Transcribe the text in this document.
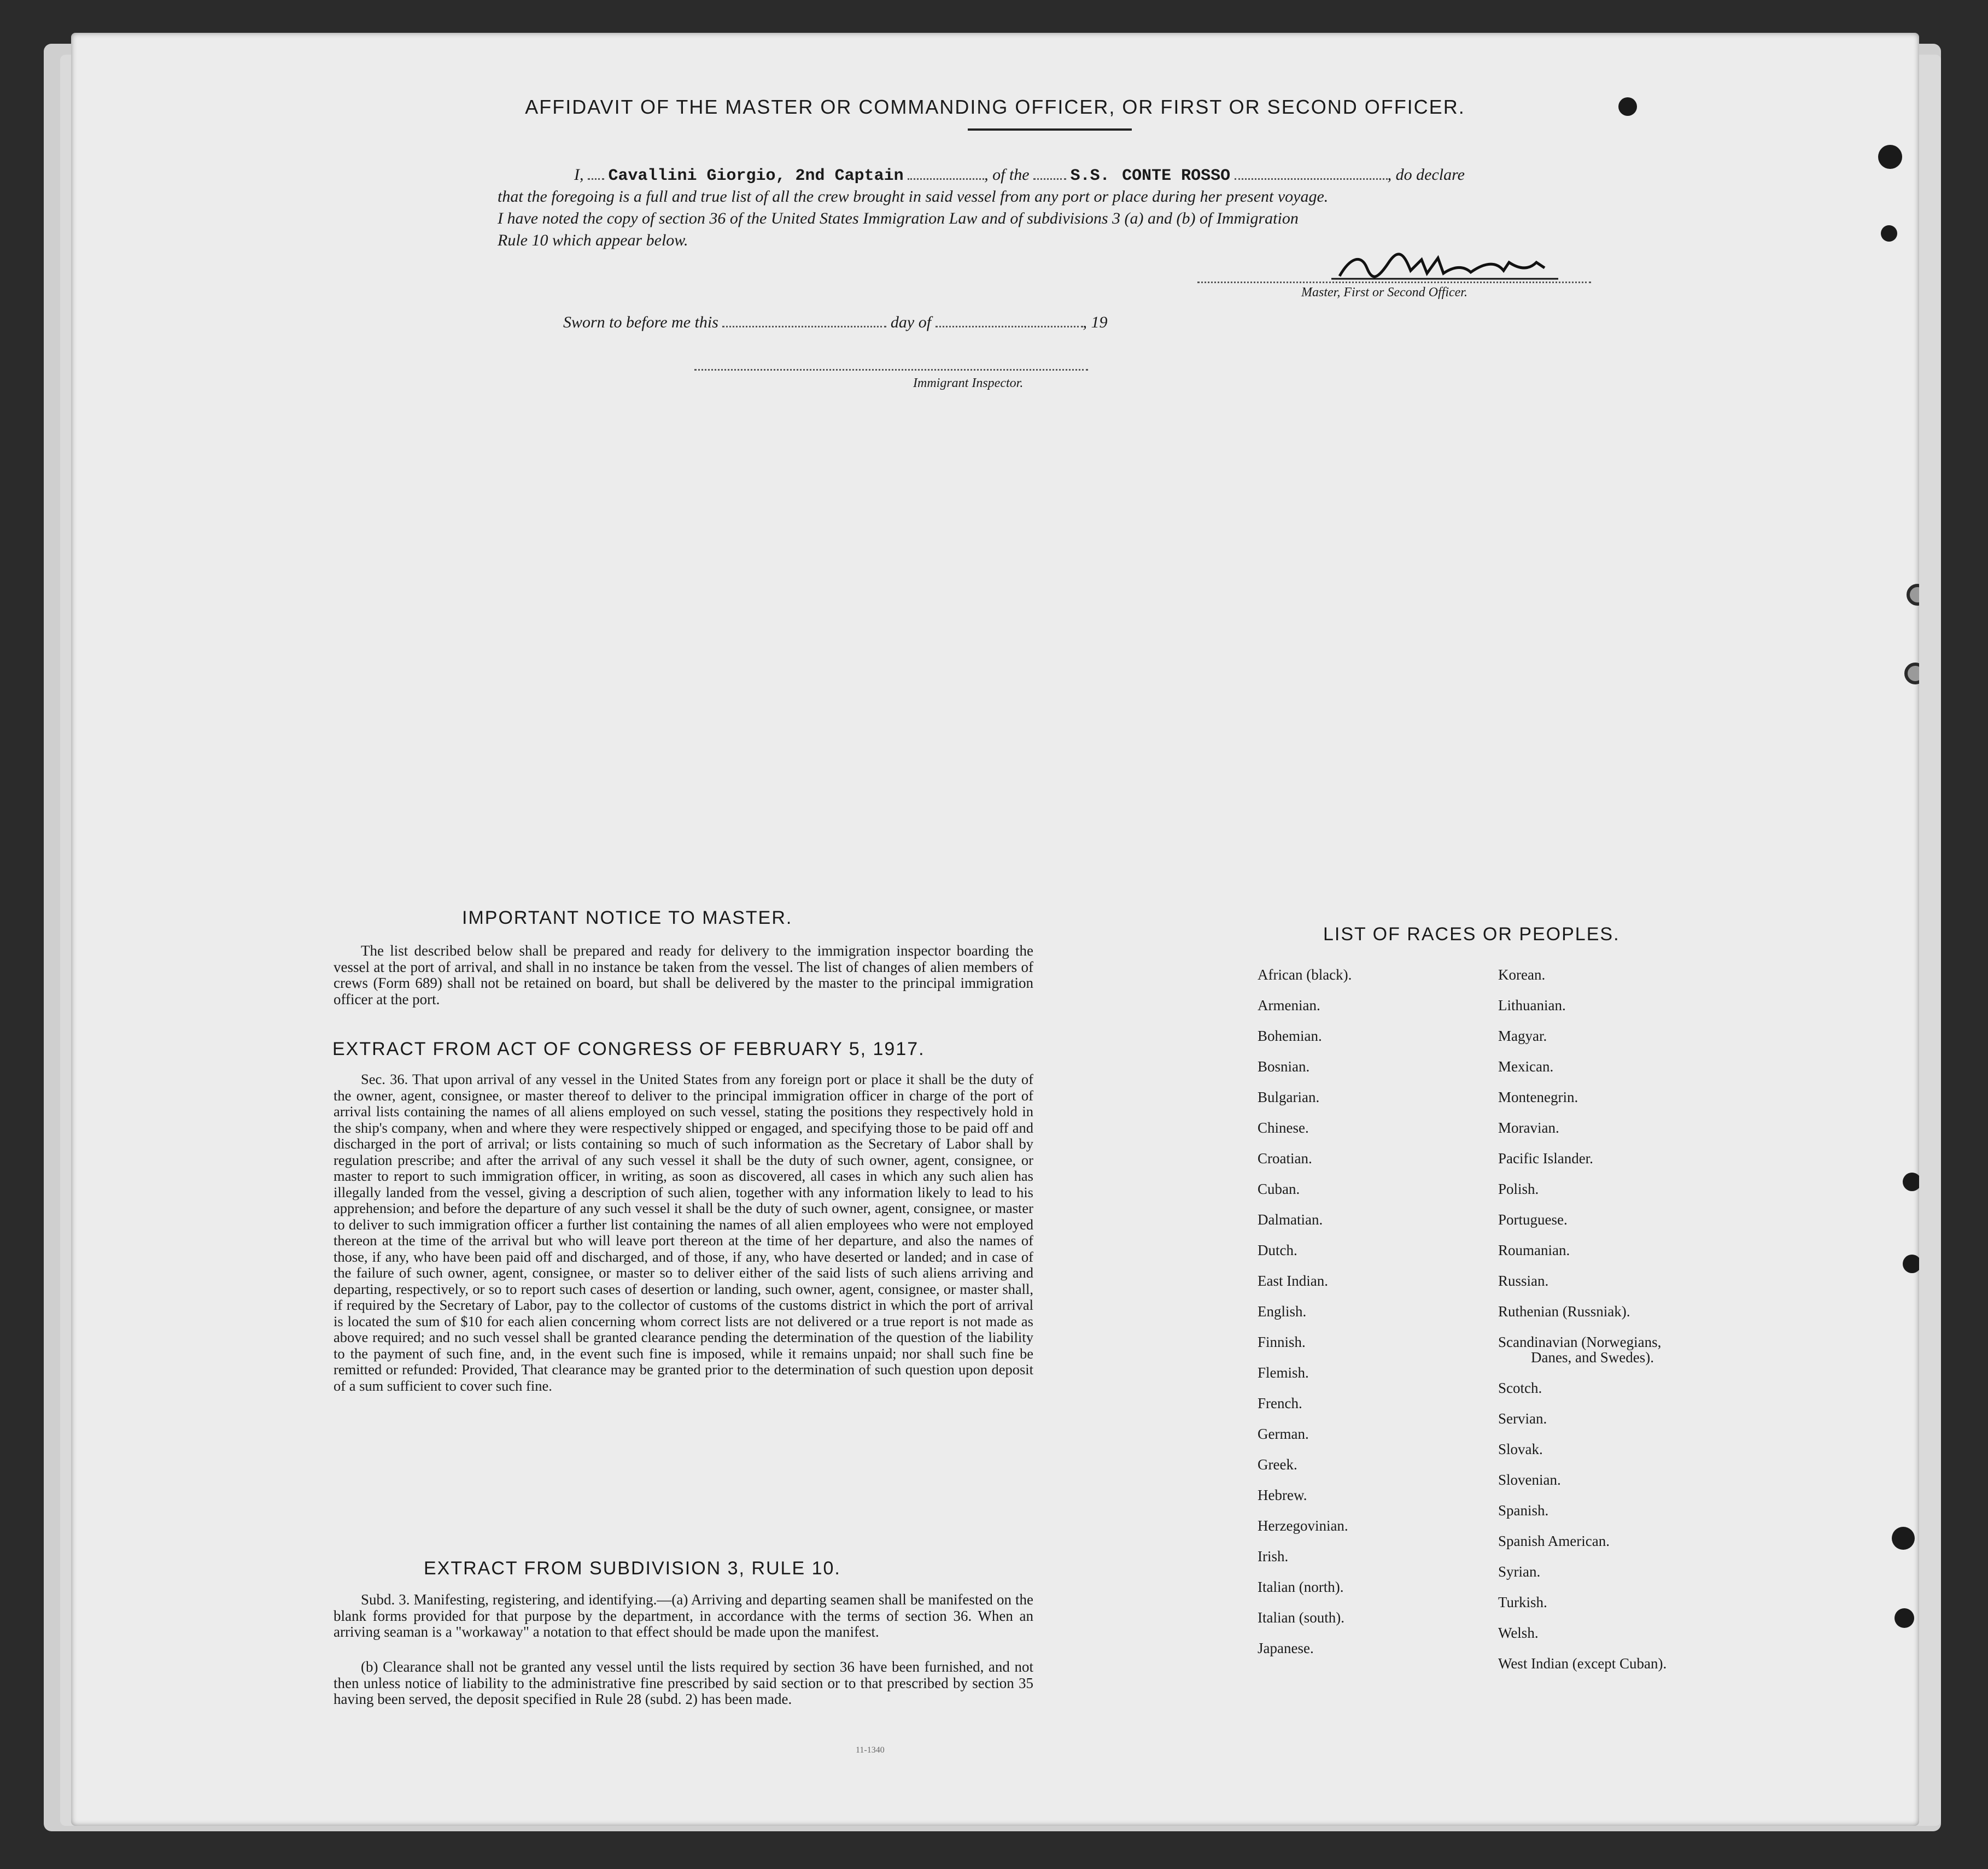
AFFIDAVIT OF THE MASTER OR COMMANDING OFFICER, OR FIRST OR SECOND OFFICER.
I, Cavallini Giorgio, 2nd Captain	, of the	S.S. CONTE ROSSO	, do declare
that the foregoing is a full and true list of all the crew brought in said vessel from any port or place during her present voyage.
I have noted the copy of section 36 of the United States Immigration Law and of subdivisions 3 (a) and (b) of Immigration
Rule 10 which appear below.
Master, First or Second Officer.
Sworn to before me this	day of	, 19
Immigrant Inspector.
IMPORTANT NOTICE TO MASTER.
The list described below shall be prepared and ready for delivery to the immigration inspector boarding the vessel at the port of arrival, and shall in no instance be taken from the vessel. The list of changes of alien members of crews (Form 689) shall not be retained on board, but shall be delivered by the master to the principal immigration officer at the port.
EXTRACT FROM ACT OF CONGRESS OF FEBRUARY 5, 1917.
Sec. 36. That upon arrival of any vessel in the United States from any foreign port or place it shall be the duty of the owner, agent, consignee, or master thereof to deliver to the principal immigration officer in charge of the port of arrival lists containing the names of all aliens employed on such vessel, stating the positions they respectively hold in the ship's company, when and where they were respectively shipped or engaged, and specifying those to be paid off and discharged in the port of arrival; or lists containing so much of such information as the Secretary of Labor shall by regulation prescribe; and after the arrival of any such vessel it shall be the duty of such owner, agent, consignee, or master to report to such immigration officer, in writing, as soon as discovered, all cases in which any such alien has illegally landed from the vessel, giving a description of such alien, together with any information likely to lead to his apprehension; and before the departure of any such vessel it shall be the duty of such owner, agent, consignee, or master to deliver to such immigration officer a further list containing the names of all alien employees who were not employed thereon at the time of the arrival but who will leave port thereon at the time of her departure, and also the names of those, if any, who have been paid off and discharged, and of those, if any, who have deserted or landed; and in case of the failure of such owner, agent, consignee, or master so to deliver either of the said lists of such aliens arriving and departing, respectively, or so to report such cases of desertion or landing, such owner, agent, consignee, or master shall, if required by the Secretary of Labor, pay to the collector of customs of the customs district in which the port of arrival is located the sum of $10 for each alien concerning whom correct lists are not delivered or a true report is not made as above required; and no such vessel shall be granted clearance pending the determination of the question of the liability to the payment of such fine, and, in the event such fine is imposed, while it remains unpaid; nor shall such fine be remitted or refunded: Provided, That clearance may be granted prior to the determination of such question upon deposit of a sum sufficient to cover such fine.
EXTRACT FROM SUBDIVISION 3, RULE 10.
Subd. 3. Manifesting, registering, and identifying.—(a) Arriving and departing seamen shall be manifested on the blank forms provided for that purpose by the department, in accordance with the terms of section 36. When an arriving seaman is a "workaway" a notation to that effect should be made upon the manifest.
(b) Clearance shall not be granted any vessel until the lists required by section 36 have been furnished, and not then unless notice of liability to the administrative fine prescribed by said section or to that prescribed by section 35 having been served, the deposit specified in Rule 28 (subd. 2) has been made.
11-1340
LIST OF RACES OR PEOPLES.
African (black).
Armenian.
Bohemian.
Bosnian.
Bulgarian.
Chinese.
Croatian.
Cuban.
Dalmatian.
Dutch.
East Indian.
English.
Finnish.
Flemish.
French.
German.
Greek.
Hebrew.
Herzegovinian.
Irish.
Italian (north).
Italian (south).
Japanese.
Korean.
Lithuanian.
Magyar.
Mexican.
Montenegrin.
Moravian.
Pacific Islander.
Polish.
Portuguese.
Roumanian.
Russian.
Ruthenian (Russniak).
Scandinavian (Norwegians,
Danes, and Swedes).
Scotch.
Servian.
Slovak.
Slovenian.
Spanish.
Spanish American.
Syrian.
Turkish.
Welsh.
West Indian (except Cuban).
